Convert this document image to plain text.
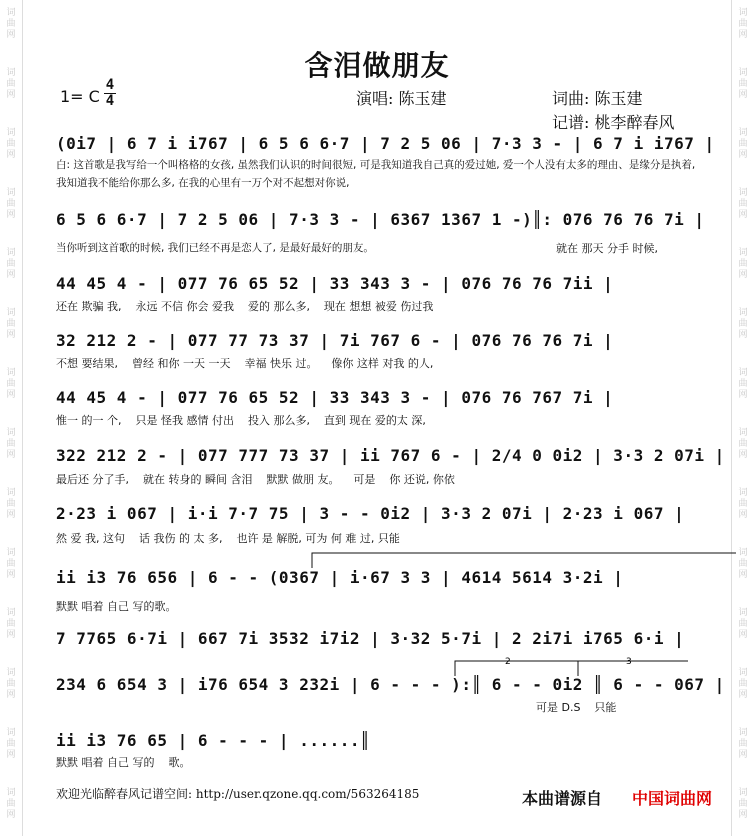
词
曲
网
词
曲
网
词
曲
网
词
曲
网
词
曲
网
词
曲
网
词
曲
网
词
曲
网
词
曲
网
词
曲
网
词
曲
网
词
曲
网
词
曲
网
词
曲
网
词
曲
网
词
曲
网
词
曲
网
词
曲
网
词
曲
网
词
曲
网
词
曲
网
词
曲
网
词
曲
网
词
曲
网
词
曲
网
词
曲
网
词
曲
网
词
曲
网
含泪做朋友
1= C
4
4	演唱: 陈玉建	词曲: 陈玉建
记谱: 桃李醉春风
(0i7 | 6 7 i i767 | 6 5 6 6·7 | 7 2 5 06 | 7·3 3 - | 6 7 i i767 |
白: 这首歌是我写给一个叫格格的女孩, 虽然我们认识的时间很短, 可是我知道我自己真的爱过她, 爱一个人没有太多的理由、是缘分是执着, 我知道我不能给你那么多, 在我的心里有一万个对不起想对你说,
6 5 6 6·7 | 7 2 5 06 | 7·3 3 - | 6367 1367 1 -)║: 076 76 76 7i |
当你听到这首歌的时候, 我们已经不再是恋人了, 是最好最好的朋友。	就在 那天 分手 时候,
44 45 4 - | 077 76 65 52 | 33 343 3 - | 076 76 76 7ii |
还在 欺骗 我,    永远 不信 你会 爱我    爱的 那么多,    现在 想想 被爱 伤过我
32 212 2 - | 077 77 73 37 | 7i 767 6 - | 076 76 76 7i |
不想 要结果,    曾经 和你 一天 一天    幸福 快乐 过。    像你 这样 对我 的人,
44 45 4 - | 077 76 65 52 | 33 343 3 - | 076 76 767 7i |
惟一 的一 个,    只是 怪我 感情 付出    投入 那么多,    直到 现在 爱的太 深,
322 212 2 - | 077 777 73 37 | ii 767 6 - | 2/4 0 0i2 | 3·3 2 07i |
最后还 分了手,    就在 转身的 瞬间 含泪    默默 做朋 友。    可是    你 还说, 你依
2·23 i 067 | i·i 7·7 75 | 3 - - 0i2 | 3·3 2 07i | 2·23 i 067 |
然 爱 我, 这句    话 我伤 的 太 多,    也许 是 解脱, 可为 何 难 过, 只能
ii i3 76 656 | 6 - - (0367 | i·67 3 3 | 4614 5614 3·2i |
默默 唱着 自己 写的歌。
7 7765 6·7i | 667 7i 3532 i7i2 | 3·32 5·7i | 2 2i7i i765 6·i |
234 6 654 3 | i76 654 3 232i | 6 - - - ):║ 6 - - 0i2 ║ 6 - - 067 |
可是 D.S    只能
ii i3 76 65 | 6 - - - | ......║
默默 唱着 自己 写的    歌。
2	3
欢迎光临醉春风记谱空间: http://user.qzone.qq.com/563264185	本曲谱源自 中国词曲网
